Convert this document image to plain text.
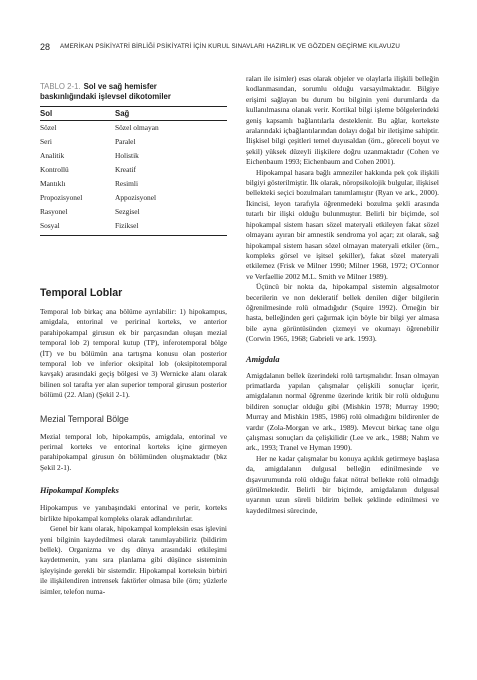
28 AMERİKAN PSİKİYATRİ BİRLİĞİ PSİKİYATRİ İÇİN KURUL SINAVLARI HAZIRLIK VE GÖZDEN GEÇİRME KILAVUZU
TABLO 2-1. Sol ve sağ hemisfer
baskınlığındaki işlevsel dikotomiler
Sol	Sağ
Sözel	Sözel olmayan
Seri	Paralel
Analitik	Holistik
Kontrollü	Kreatif
Mantıklı	Resimli
Propozisyonel	Appozisyonel
Rasyonel	Sezgisel
Sosyal	Fiziksel
Temporal Loblar

Temporal lob birkaç ana bölüme ayrılabilir: 1) hipokampus, amigdala, entorinal ve peririnal korteks, ve anterior parahipokampal girusun ek bir parçasından oluşan mezial temporal lob 2) temporal kutup (TP), inferotemporal bölge (İT) ve bu bölümün ana tartışma konusu olan posterior temporal lob ve inferior oksipital lob (oksipitotemporal kavşak) arasındaki geçiş bölgesi ve 3) Wernicke alanı olarak bilinen sol tarafta yer alan superior temporal girusun posterior bölümü (22. Alan) (Şekil 2-1).

Mezial Temporal Bölge

Mezial temporal lob, hipokampüs, amigdala, entorinal ve perirnal korteks ve entorinal korteks içine girmeyen parahipokampal girusun ön bölümünden oluşmaktadır (bkz Şekil 2-1).

Hipokampal Kompleks

Hipokampus ve yanıbaşındaki entorinal ve perir, korteks birlikte hipokampal kompleks olarak adlandırılırlar.

Genel bir kanı olarak, hipokampal kompleksin esas işlevini yeni bilginin kaydedilmesi olarak tanımlayabiliriz (bildirim bellek). Organizma ve dış dünya arasındaki etkileşimi kaydetmenin, yanı sıra planlama gibi düşünce sisteminin işleyişinde gerekli bir sistemdir. Hipokampal korteksin birbiri ile ilişkilendiren intrensek faktörler olmasa bile (örn; yüzlerle isimler, telefon numa-

raları ile isimler) esas olarak objeler ve olaylarla ilişkili belleğin kodlanmasından, sorumlu olduğu varsayılmaktadır. Bilgiye erişimi sağlayan bu durum bu bilginin yeni durumlarda da kullanılmasına olanak verir. Kortikal bilgi işleme bölgelerindeki geniş kapsamlı bağlantılarla desteklenir. Bu ağlar, kortekste aralarındaki içbağlantılarından dolayı doğal bir iletişime sahiptir. İlişkisel bilgi çeşitleri temel duyusaldan (örn., göreceli boyut ve şekil) yüksek düzeyli ilişkilere doğru uzanmaktadır (Cohen ve Eichenbaum 1993; Eichenbaum and Cohen 2001).

Hipokampal hasara bağlı amneziler hakkında pek çok ilişkili bilgiyi gösterilmiştir. İlk olarak, nöropsikolojik bulgular, ilişkisel bellekteki seçici bozulmaları tanımlamıştır (Ryan ve ark., 2000). İkincisi, leyon tarafıyla öğrenmedeki bozulma şekli arasında tutarlı bir ilişki olduğu bulunmuştur. Belirli bir biçimde, sol hipokampal sistem hasarı sözel materyali etkileyen fakat sözel olmayanı ayıran bir amnestik sendroma yol açar; zıt olarak, sağ hipokampal sistem hasarı sözel olmayan materyali etkiler (örn., kompleks görsel ve işitsel şekiller), fakat sözel materyali etkilemez (Frisk ve Milner 1990; Milner 1968, 1972; O'Connor ve Verfaellie 2002 M.L. Smith ve Milner 1989).

Üçüncü bir nokta da, hipokampal sistemin algısalmotor becerilerin ve non dekleratif bellek denilen diğer bilgilerin öğrenilmesinde rolü olmadığıdır (Squire 1992). Örneğin bir hasta, belleğinden geri çağırmak için böyle bir bilgi yer almasa bile ayna görüntüsünden çizmeyi ve okumayı öğrenebilir (Corwin 1965, 1968; Gabrieli ve ark. 1993).

Amigdala

Amigdalanın bellek üzerindeki rolü tartışmalıdır. İnsan olmayan primatlarda yapılan çalışmalar çelişkili sonuçlar içerir, amigdalanın normal öğrenme üzerinde kritik bir rolü olduğunu bildiren sonuçlar olduğu gibi (Mishkin 1978; Murray 1990; Murray and Mishkin 1985, 1986) rolü olmadığını bildirenler de vardır (Zola-Morgan ve ark., 1989). Mevcut birkaç tane olgu çalışması sonuçları da çelişkilidir (Lee ve ark., 1988; Nahm ve ark., 1993; Tranel ve Hyman 1990).

Her ne kadar çalışmalar bu konuya açıklık getirmeye başlasa da, amigdalanın dulgusal belleğin edinilmesinde ve dışavurumunda rolü olduğu fakat nötral bellekte rolü olmadığı görülmektedir. Belirli bir biçimde, amigdalanın dulgusal uyarının uzun süreli bildirim bellek şeklinde edinilmesi ve kaydedilmesi sürecinde,
